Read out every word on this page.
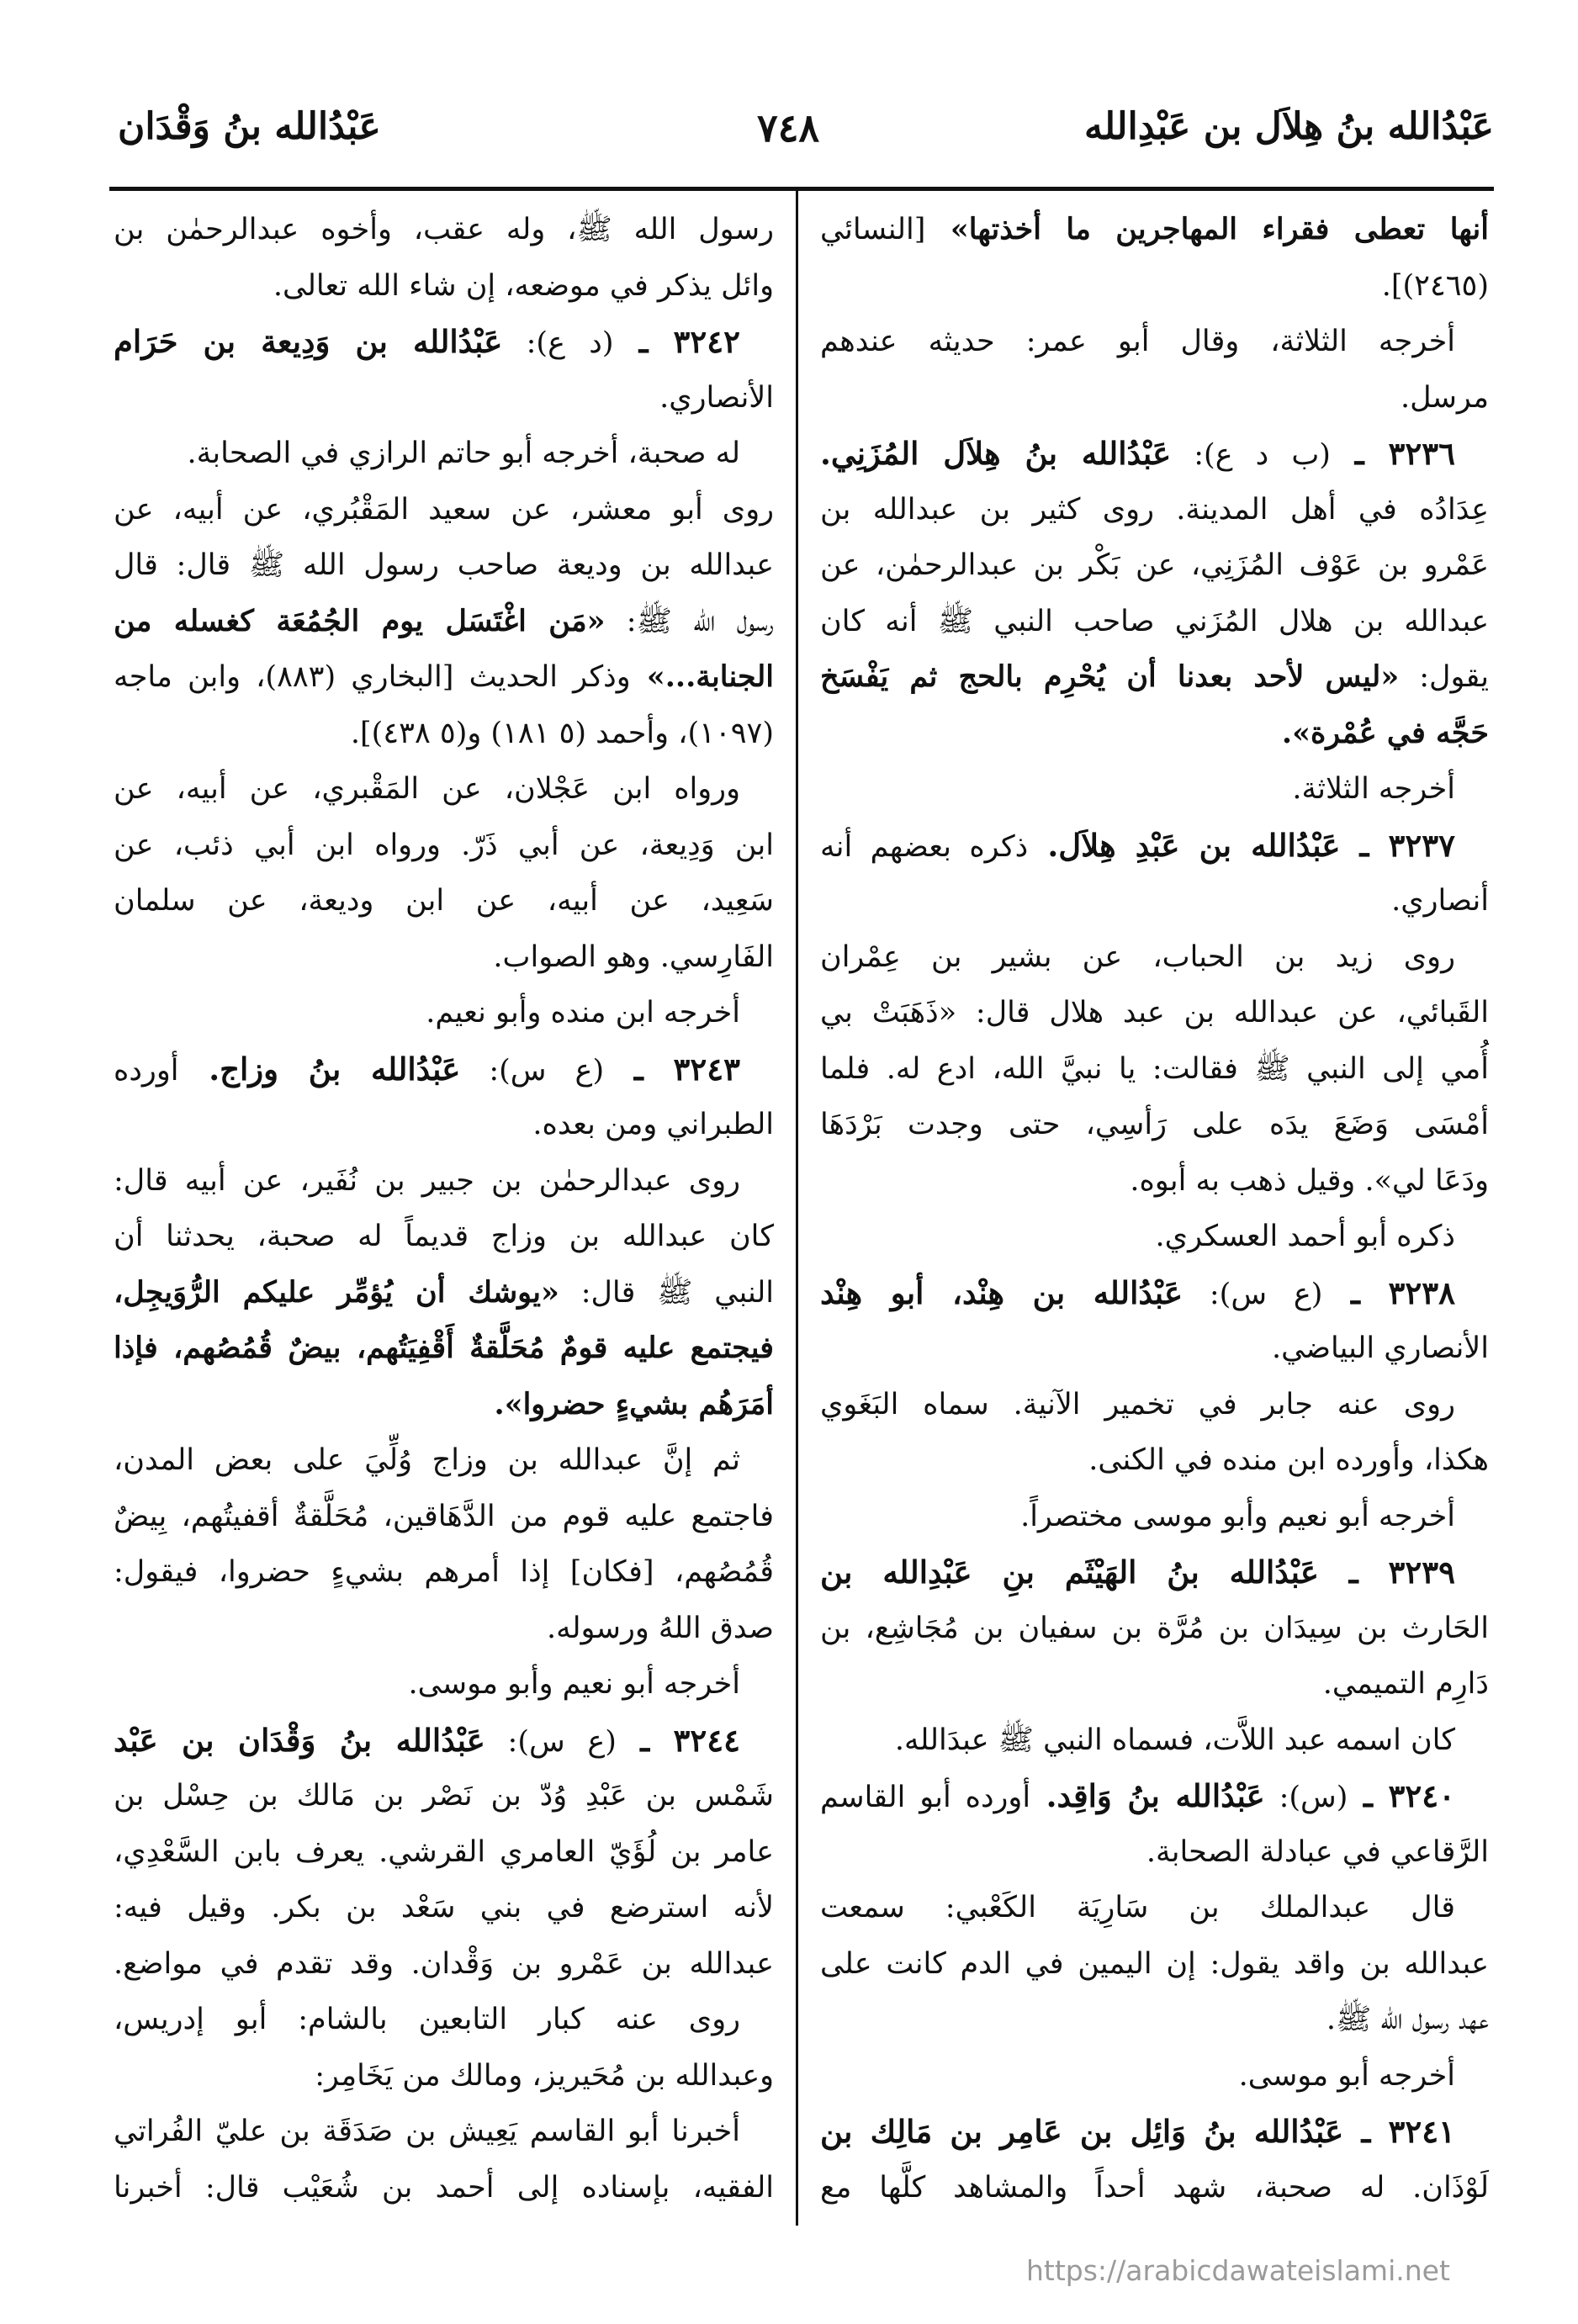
عَبْدُالله بنُ هِلاَل بن عَبْدِالله
٧٤٨
عَبْدُالله بنُ وَقْدَان
أنها تعطى فقراء المهاجرين ما أخذتها» [النسائي
(٢٤٦٥)].
أخرجه الثلاثة، وقال أبو عمر: حديثه عندهم
مرسل.
٣٢٣٦ ـ (ب د ع): عَبْدُالله بنُ هِلاَل المُزَنِي.
عِدَادُه في أهل المدينة. روى كثير بن عبدالله بن
عَمْرو بن عَوْف المُزَنِي، عن بَكْر بن عبدالرحمٰن، عن
عبدالله بن هلال المُزَني صاحب النبي ﷺ أنه كان
يقول: «ليس لأحد بعدنا أن يُحْرِم بالحج ثم يَفْسَخ
حَجَّه في عُمْرة».
أخرجه الثلاثة.
٣٢٣٧ ـ عَبْدُالله بن عَبْدِ هِلاَل. ذكره بعضهم أنه
أنصاري.
روى زيد بن الحباب، عن بشير بن عِمْران
القَبائي، عن عبدالله بن عبد هلال قال: «ذَهَبَتْ بي
أُمي إلى النبي ﷺ فقالت: يا نبيَّ الله، ادع له. فلما
أمْسَى وَضَعَ يدَه على رَأسِي، حتى وجدت بَرْدَهَا
ودَعَا لي». وقيل ذهب به أبوه.
ذكره أبو أحمد العسكري.
٣٢٣٨ ـ (ع س): عَبْدُالله بن هِنْد، أبو هِنْد
الأنصاري البياضي.
روى عنه جابر في تخمير الآنية. سماه البَغَوي
هكذا، وأورده ابن منده في الكنى.
أخرجه أبو نعيم وأبو موسى مختصراً.
٣٢٣٩ ـ عَبْدُالله بنُ الهَيْثَم بنِ عَبْدِالله بن
الحَارث بن سِيدَان بن مُرَّة بن سفيان بن مُجَاشِع، بن
دَارِم التميمي.
كان اسمه عبد اللاَّت، فسماه النبي ﷺ عبدَالله.
٣٢٤٠ ـ (س): عَبْدُالله بنُ وَاقِد. أورده أبو القاسم
الرَّقاعي في عبادلة الصحابة.
قال عبدالملك بن سَارِيَة الكَعْبي: سمعت
عبدالله بن واقد يقول: إن اليمين في الدم كانت على
عهد رسول الله ﷺ.
أخرجه أبو موسى.
٣٢٤١ ـ عَبْدُالله بنُ وَائِل بن عَامِر بن مَالِك بن
لَوْذَان. له صحبة، شهد أحداً والمشاهد كلَّها مع
رسول الله ﷺ، وله عقب، وأخوه عبدالرحمٰن بن
وائل يذكر في موضعه، إن شاء الله تعالى.
٣٢٤٢ ـ (د ع): عَبْدُالله بن وَدِيعة بن حَرَام
الأنصاري.
له صحبة، أخرجه أبو حاتم الرازي في الصحابة.
روى أبو معشر، عن سعيد المَقْبُري، عن أبيه، عن
عبدالله بن وديعة صاحب رسول الله ﷺ قال: قال
رسول الله ﷺ: «مَن اغْتَسَل يوم الجُمُعَة كغسله من
الجنابة...» وذكر الحديث [البخاري (٨٨٣)، وابن ماجه
(١٠٩٧)، وأحمد (٥ ١٨١) و(٥ ٤٣٨)].
ورواه ابن عَجْلان، عن المَقْبري، عن أبيه، عن
ابن وَدِيعة، عن أبي ذَرّ. ورواه ابن أبي ذئب، عن
سَعِيد، عن أبيه، عن ابن وديعة، عن سلمان
الفَارِسي. وهو الصواب.
أخرجه ابن منده وأبو نعيم.
٣٢٤٣ ـ (ع س): عَبْدُالله بنُ وزاج. أورده
الطبراني ومن بعده.
روى عبدالرحمٰن بن جبير بن نُفَير، عن أبيه قال:
كان عبدالله بن وزاج قديماً له صحبة، يحدثنا أن
النبي ﷺ قال: «يوشك أن يُؤمِّر عليكم الرُّوَيجِل،
فيجتمع عليه قومٌ مُحَلَّقةٌ أَقْفِيَتُهم، بيضٌ قُمُصُهم، فإذا
أمَرَهُم بشيءٍ حضروا».
ثم إنَّ عبدالله بن وزاج وُلِّيَ على بعض المدن،
فاجتمع عليه قوم من الدَّهَاقين، مُحَلَّقةٌ أقفيتُهم، بِيضٌ
قُمُصُهم، [فكان] إذا أمرهم بشيءٍ حضروا، فيقول:
صدق اللهُ ورسوله.
أخرجه أبو نعيم وأبو موسى.
٣٢٤٤ ـ (ع س): عَبْدُالله بنُ وَقْدَان بن عَبْد
شَمْس بن عَبْدِ وُدّ بن نَصْر بن مَالك بن حِسْل بن
عامر بن لُؤَيّ العامري القرشي. يعرف بابن السَّعْدِي،
لأنه استرضع في بني سَعْد بن بكر. وقيل فيه:
عبدالله بن عَمْرو بن وَقْدان. وقد تقدم في مواضع.
روى عنه كبار التابعين بالشام: أبو إدريس،
وعبدالله بن مُحَيريز، ومالك من يَخَامِر:
أخبرنا أبو القاسم يَعِيش بن صَدَقَة بن عليّ الفُراتي
الفقيه، بإسناده إلى أحمد بن شُعَيْب قال: أخبرنا
https://arabicdawateislami.net
